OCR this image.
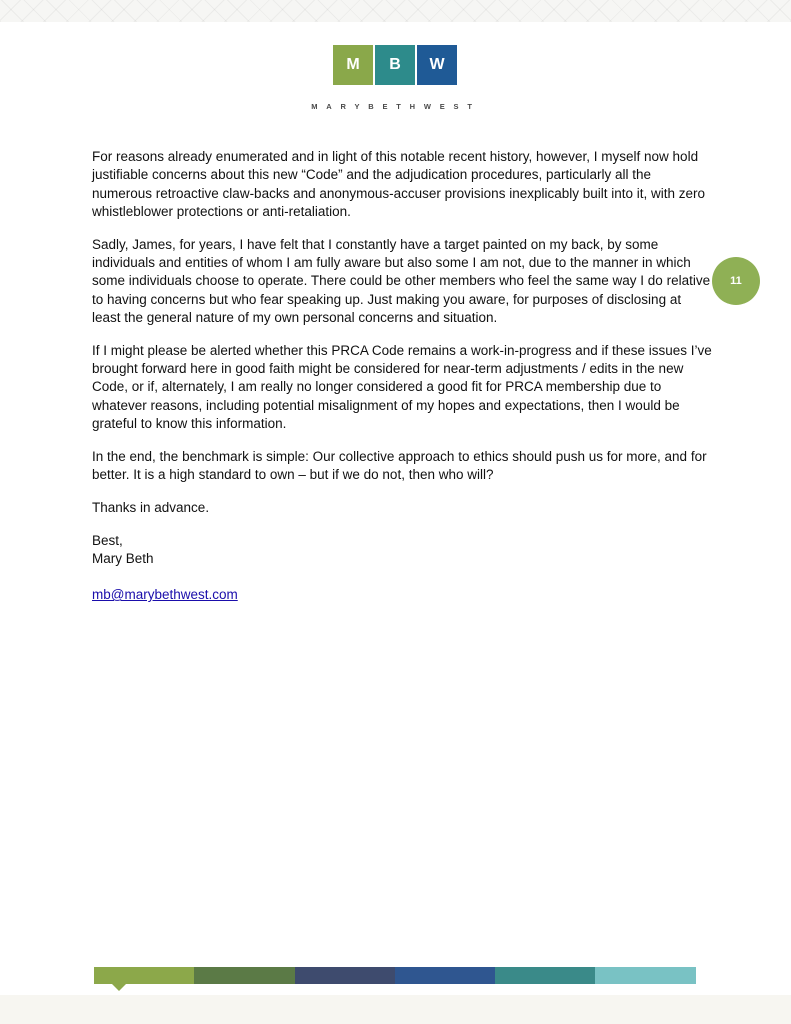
M	B	W
MARYBETHWEST

For reasons already enumerated and in light of this notable recent history, however, I myself now hold justifiable concerns about this new “Code” and the adjudication procedures, particularly all the numerous retroactive claw-backs and anonymous-accuser provisions inexplicably built into it, with zero whistleblower protections or anti-retaliation.

Sadly, James, for years, I have felt that I constantly have a target painted on my back, by some individuals and entities of whom I am fully aware but also some I am not, due to the manner in which some individuals choose to operate. There could be other members who feel the same way I do relative to having concerns but who fear speaking up. Just making you aware, for purposes of disclosing at least the general nature of my own personal concerns and situation.

If I might please be alerted whether this PRCA Code remains a work-in-progress and if these issues I’ve brought forward here in good faith might be considered for near-term adjustments / edits in the new Code, or if, alternately, I am really no longer considered a good fit for PRCA membership due to whatever reasons, including potential misalignment of my hopes and expectations, then I would be grateful to know this information.

In the end, the benchmark is simple: Our collective approach to ethics should push us for more, and for better. It is a high standard to own – but if we do not, then who will?

Thanks in advance.

Best,
Mary Beth

mb@marybethwest.com

11
